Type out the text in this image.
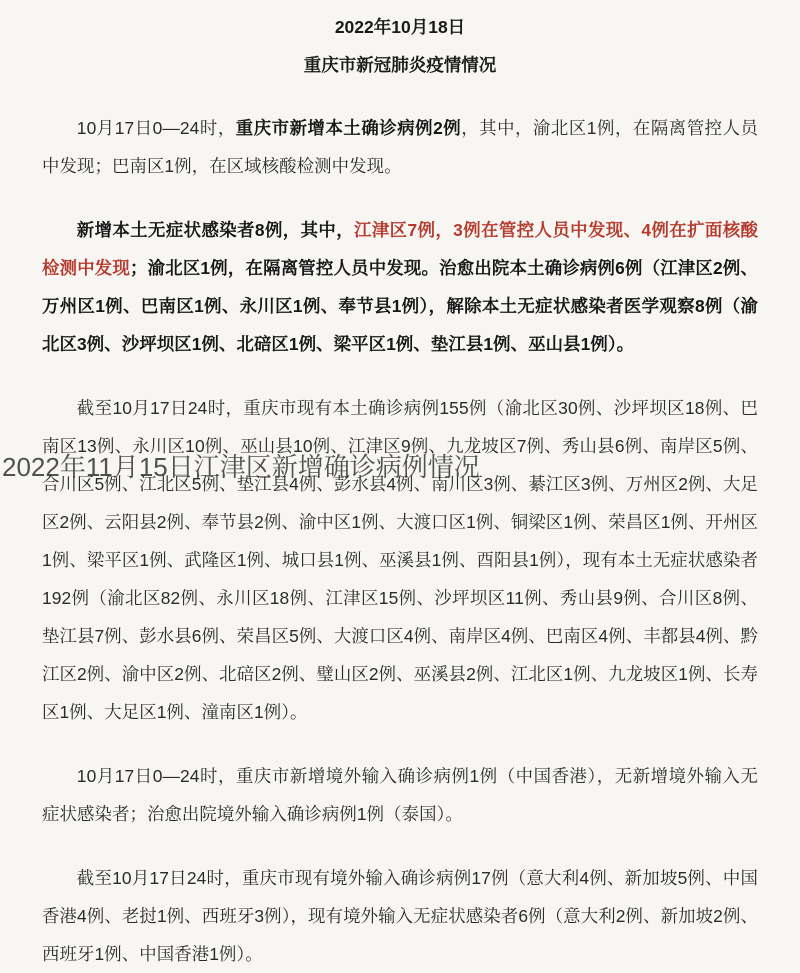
2022年10月18日
重庆市新冠肺炎疫情情况

10月17日0—24时，重庆市新增本土确诊病例2例，其中，渝北区1例，在隔离管控人员中发现；巴南区1例，在区域核酸检测中发现。

新增本土无症状感染者8例，其中，江津区7例，3例在管控人员中发现、4例在扩面核酸检测中发现；渝北区1例，在隔离管控人员中发现。治愈出院本土确诊病例6例（江津区2例、万州区1例、巴南区1例、永川区1例、奉节县1例），解除本土无症状感染者医学观察8例（渝北区3例、沙坪坝区1例、北碚区1例、梁平区1例、垫江县1例、巫山县1例）。

截至10月17日24时，重庆市现有本土确诊病例155例（渝北区30例、沙坪坝区18例、巴南区13例、永川区10例、巫山县10例、江津区9例、九龙坡区7例、秀山县6例、南岸区5例、合川区5例、江北区5例、垫江县4例、彭水县4例、南川区3例、綦江区3例、万州区2例、大足区2例、云阳县2例、奉节县2例、渝中区1例、大渡口区1例、铜梁区1例、荣昌区1例、开州区1例、梁平区1例、武隆区1例、城口县1例、巫溪县1例、酉阳县1例），现有本土无症状感染者192例（渝北区82例、永川区18例、江津区15例、沙坪坝区11例、秀山县9例、合川区8例、垫江县7例、彭水县6例、荣昌区5例、大渡口区4例、南岸区4例、巴南区4例、丰都县4例、黔江区2例、渝中区2例、北碚区2例、璧山区2例、巫溪县2例、江北区1例、九龙坡区1例、长寿区1例、大足区1例、潼南区1例）。

10月17日0—24时，重庆市新增境外输入确诊病例1例（中国香港），无新增境外输入无症状感染者；治愈出院境外输入确诊病例1例（泰国）。

截至10月17日24时，重庆市现有境外输入确诊病例17例（意大利4例、新加坡5例、中国香港4例、老挝1例、西班牙3例），现有境外输入无症状感染者6例（意大利2例、新加坡2例、西班牙1例、中国香港1例）。

2022年11月15日江津区新增确诊病例情况
